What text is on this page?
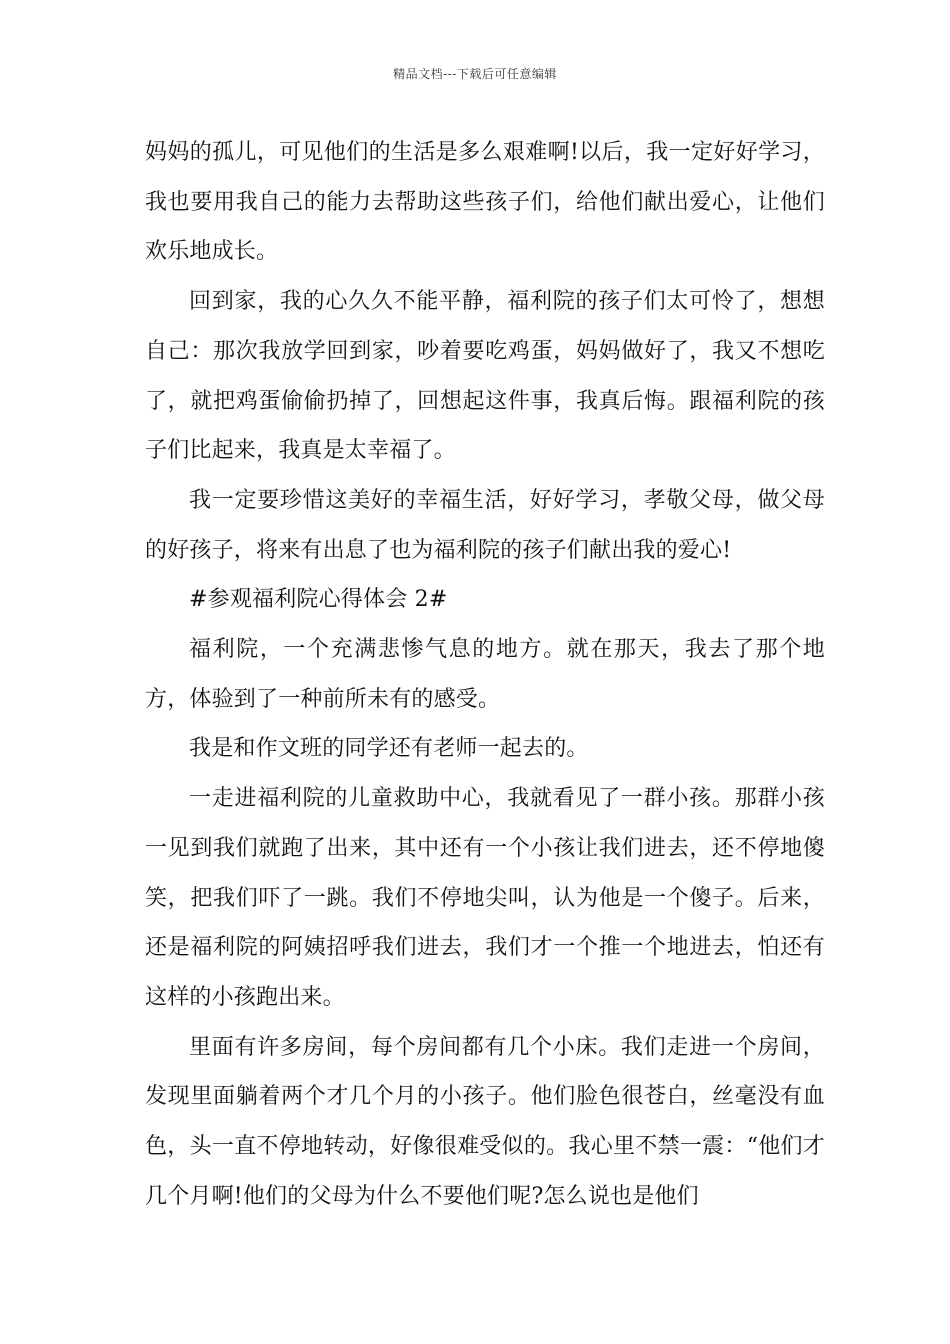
精品文档---下载后可任意编辑

妈妈的孤儿，可见他们的生活是多么艰难啊!以后，我一定好好学习，我也要用我自己的能力去帮助这些孩子们，给他们献出爱心，让他们欢乐地成长。

回到家，我的心久久不能平静，福利院的孩子们太可怜了，想想自己：那次我放学回到家，吵着要吃鸡蛋，妈妈做好了，我又不想吃了，就把鸡蛋偷偷扔掉了，回想起这件事，我真后悔。跟福利院的孩子们比起来，我真是太幸福了。

我一定要珍惜这美好的幸福生活，好好学习，孝敬父母，做父母的好孩子，将来有出息了也为福利院的孩子们献出我的爱心!

#参观福利院心得体会 2#

福利院，一个充满悲惨气息的地方。就在那天，我去了那个地方，体验到了一种前所未有的感受。

我是和作文班的同学还有老师一起去的。

一走进福利院的儿童救助中心，我就看见了一群小孩。那群小孩一见到我们就跑了出来，其中还有一个小孩让我们进去，还不停地傻笑，把我们吓了一跳。我们不停地尖叫，认为他是一个傻子。后来，还是福利院的阿姨招呼我们进去，我们才一个推一个地进去，怕还有这样的小孩跑出来。

里面有许多房间，每个房间都有几个小床。我们走进一个房间，发现里面躺着两个才几个月的小孩子。他们脸色很苍白，丝毫没有血色，头一直不停地转动，好像很难受似的。我心里不禁一震：“他们才几个月啊!他们的父母为什么不要他们呢?怎么说也是他们
